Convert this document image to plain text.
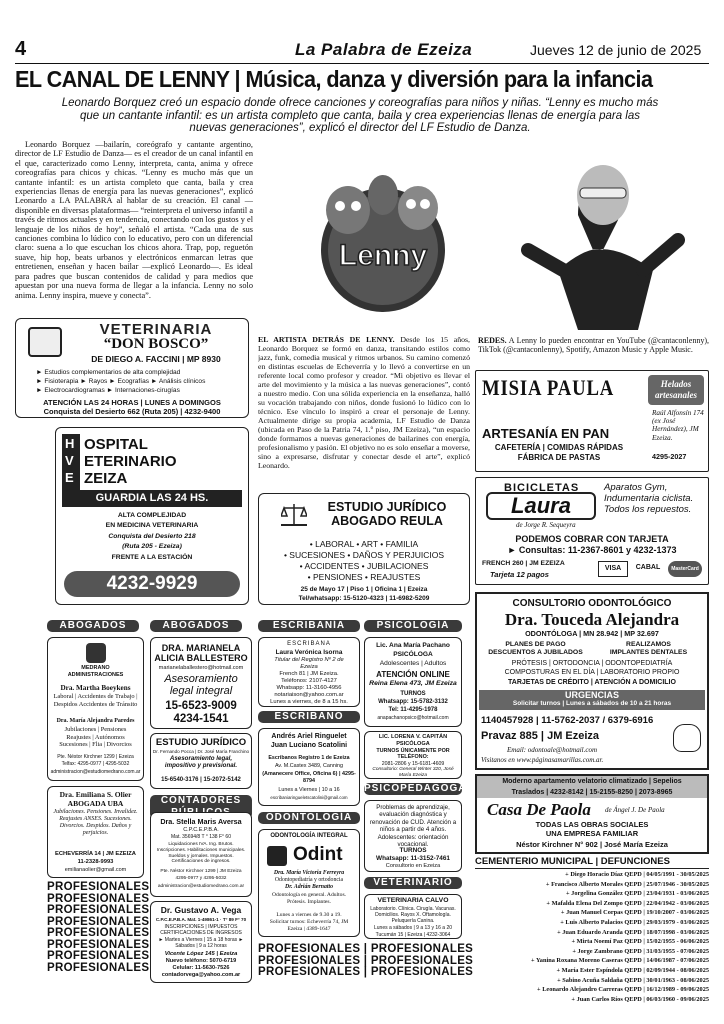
4	La Palabra de Ezeiza	Jueves 12 de junio de 2025
EL CANAL DE LENNY | Música, danza y diversión para la infancia
Leonardo Borquez creó un espacio donde ofrece canciones y coreografías para niños y niñas. “Lenny es mucho más que un cantante infantil: es un artista completo que canta, baila y crea experiencias llenas de energía para las nuevas generaciones”, explicó el director del LF Estudio de Danza.
Leonardo Borquez —bailarín, coreógrafo y cantante argentino, director de LF Estudio de Danza— es el creador de un canal infantil en el que, caracterizado como Lenny, interpreta, canta, anima y ofrece coreografías para chicos y chicas. “Lenny es mucho más que un cantante infantil: es un artista completo que canta, baila y crea experiencias llenas de energía para las nuevas generaciones”, explicó Leonardo a LA PALABRA al hablar de su creación. El canal —disponible en diversas plataformas— “reinterpreta el universo infantil a través de ritmos actuales y en tendencia, conectando con los gustos y el lenguaje de los niños de hoy”, señaló el artista. “Cada una de sus canciones combina lo lúdico con lo educativo, pero con un diferencial claro: suena a lo que escuchan los chicos ahora. Trap, pop, reguetón suave, hip hop, beats urbanos y electrónicos enmarcan letras que entretienen, enseñan y hacen bailar —explicó Leonardo—. Es ideal para padres que buscan contenidos de calidad y para medios que apuestan por una nueva forma de llegar a la infancia. Lenny no solo anima. Lenny inspira, mueve y conecta”.
Lenny
EL ARTISTA DETRÁS DE LENNY. Desde los 15 años, Leonardo Borquez se formó en danza, transitando estilos como jazz, funk, comedia musical y ritmos urbanos. Su camino comenzó en distintas escuelas de Echeverría y lo llevó a convertirse en un referente local como profesor y creador. “Mi objetivo es llevar el arte del movimiento y la música a las nuevas generaciones”, contó a nuestro medio. Con una sólida experiencia en la enseñanza, halló su vocación trabajando con niños, donde fusionó lo lúdico con lo técnico. Ese vínculo lo inspiró a crear el personaje de Lenny. Actualmente dirige su propia academia, LF Estudio de Danza (ubicada en Paso de la Patria 74, 1.º piso, JM Ezeiza), “un espacio donde formamos a nuevas generaciones de bailarines con energía, profesionalismo y pasión. El objetivo no es solo enseñar a moverse, sino a expresarse, disfrutar y conectar desde el arte”, explicó Leonardo.
REDES. A Lenny lo pueden encontrar en YouTube (@cantaconlenny), TikTok (@cantaconlenny), Spotify, Amazon Music y Apple Music.
VETERINARIA
“DON BOSCO”
DE DIEGO A. FACCINI | MP 8930
► Estudios complementarios de alta complejidad
► Fisioterapia ► Rayos ► Ecografías ► Análisis clínicos
► Electrocardiogramas ► Internaciones-cirugías
ATENCIÓN LAS 24 HORAS | LUNES A DOMINGOS
Conquista del Desierto 662 (Ruta 205) | 4232-9400
H
V
E
OSPITAL
ETERINARIO
ZEIZA
GUARDIA LAS 24 HS.
ALTA COMPLEJIDAD
EN MEDICINA VETERINARIA
Conquista del Desierto 218
(Ruta 205 - Ezeiza)
FRENTE A LA ESTACIÓN
4232-9929
ESTUDIO JURÍDICO
ABOGADO REULA
• LABORAL • ART • FAMILIA
• SUCESIONES • DAÑOS Y PERJUICIOS
• ACCIDENTES • JUBILACIONES
• PENSIONES • REAJUSTES
25 de Mayo 17 | Piso 1 | Oficina 1 | Ezeiza
Tel/whatsapp: 15-5120-4323 | 11-6982-5209
MISIA PAULA
ARTESANÍA EN PAN
CAFETERÍA | COMIDAS RÁPIDAS
FÁBRICA DE PASTAS
Helados
artesanales
Raúl Alfonsín 174 (ex José Hernández), JM Ezeiza.
4295-2027
BICICLETAS
Laura
de Jorge R. Sequeyra
Aparatos Gym, Indumentaria ciclista. Todos los repuestos.
PODEMOS COBRAR CON TARJETA
► Consultas: 11-2367-8601 y 4232-1373
FRENCH 260 | JM EZEIZA
Tarjeta 12 pagos
VISA	CABAL	MasterCard
CONSULTORIO ODONTOLÓGICO
Dra. Touceda Alejandra
ODONTÓLOGA | MN 28.942 | MP 32.697
PLANES DE PAGO
DESCUENTOS A JUBILADOS
REALIZAMOS
IMPLANTES DENTALES
PRÓTESIS | ORTODONCIA | ODONTOPEDIATRÍA
COMPOSTURAS EN EL DÍA | LABORATORIO PROPIO
TARJETAS DE CRÉDITO | ATENCIÓN A DOMICILIO
URGENCIAS
Solicitar turnos | Lunes a sábados de 10 a 21 horas
1140457928 | 11-5762-2037 / 6379-6916
Pravaz 885 | JM Ezeiza
Email: odontoale@hotmail.com
Visitanos en www.páginasamarillas.com.ar.
Moderno apartamento velatorio climatizado | Sepelios
Traslados | 4232-8142 | 15-2155-8250 | 2073-8965
Casa De Paola de Ángel J. De Paola
TODAS LAS OBRAS SOCIALES
UNA EMPRESA FAMILIAR
Néstor Kirchner N° 902 | José María Ezeiza
CEMENTERIO MUNICIPAL | DEFUNCIONES
+ Diego Horacio Díaz QEPD | 04/05/1991 - 30/05/2025
+ Francisco Alberto Morales QEPD | 25/07/1946 - 30/05/2025
+ Jorgelina González QEPD | 23/04/1931 - 03/06/2025
+ Mafalda Elena Del Zompo QEPD | 22/04/1942 - 03/06/2025
+ Juan Manuel Corpas QEPD | 19/10/2007 - 03/06/2025
+ Luis Alberto Palacios QEPD | 29/03/1979 - 03/06/2025
+ Juan Eduardo Aranda QEPD | 18/07/1998 - 03/06/2025
+ Mirta Noemí Paz QEPD | 15/02/1955 - 06/06/2025
+ Jorge Zambrano QEPD | 31/03/1955 - 07/06/2025
+ Yanina Roxana Moreno Caseras QEPD | 14/06/1987 - 07/06/2025
+ María Ester Espíndola QEPD | 02/09/1944 - 08/06/2025
+ Sabino Acuña Saldaña QEPD | 30/01/1963 - 08/06/2025
+ Leonardo Alejandro Carreras QEPD | 16/12/1989 - 09/06/2025
+ Juan Carlos Ríos QEPD | 06/03/1960 - 09/06/2025
ABOGADOS	ABOGADOS	ESCRIBANÍA	PSICOLOGÍA
MEDRANO
ADMINISTRACIONES
Dra. Martha Boeykens
Laboral | Accidentes de Trabajo | Despidos Accidentes de Tránsito
Dra. María Alejandra Paredes
Jubilaciones | Pensiones Reajustes | Autónomos Sucesiones | Flia | Divorcios
Pte. Néstor Kirchner 1299 | Ezeiza
Telfax: 4295-0977 | 4295-5032
administracion@estudiomedrano.com.ar
Dra. Emiliana S. Olier
ABOGADA UBA
Jubilaciones. Pensiones. Invalidez. Reajustes ANSES. Sucesiones. Divorcios. Despidos. Daños y perjuicios.
ECHEVERRÍA 14 | JM EZEIZA
11-2328-9993
emilianaolier@gmail.com
PROFESIONALES
PROFESIONALES
PROFESIONALES
PROFESIONALES
PROFESIONALES
PROFESIONALES
PROFESIONALES
PROFESIONALES
DRA. MARIANELA
ALICIA BALLESTERO
marianelaballestero@hotmail.com
Asesoramiento
legal integral
15-6523-9009
4234-1541
ESTUDIO JURÍDICO
Dr. Fernando Pocca | Dr. José María Franchino
Asesoramiento legal, impositivo y previsional.
15-6540-3176 | 15-2072-5142
CONTADORES
Dra. Stella Maris Aversa
C.P.C.E.P.B.A.
Mat. 35694/8 T ° 138 F° 60
Liquidaciones IVA. Ing. Brutos. Inscripciones. Habilitaciones municipales. Sueldos y jornales. Impuestos. Certificaciones de ingresos.
Pte. Néstor Kirchner 1299 | JM Ezeiza
4295-0977 y 4295-5032
administracion@estudiomedrano.com.ar
Dr. Gustavo A. Vega
C.P.C.E.P.B.A. Mat. 1-49861-1 · T° 89 F° 70
INSCRIPCIONES | IMPUESTOS CERTIFICACIONES DE INGRESOS
► Martes a Viernes | 15 a 18 horas ► Sábados | 9 a 12 horas
Vicente López 145 | Ezeiza
Nuevo teléfono: 5070-6719
Celular: 11-5630-7526
contadorvega@yahoo.com.ar
ESCRIBANA
Laura Verónica Isorna
Titular del Registro Nº 2 de Ezeiza
French 81 | JM Ezeiza.
Teléfonos: 2107-4127
Whatsapp: 11-3160-4956
notariaison@yahoo.com.ar
Lunes a viernes, de 8 a 15 hs.
ESCRIBANO
Andrés Ariel Ringuelet
Juan Luciano Scatolini
Escribanos Registro 1 de Ezeiza
Av. M.Castex 3489, Canning
(Amanecere Office, Oficina 6) | 4295-8794
Lunes a Viernes | 10 a 16
escribaniaringueletscatolini@gmail.com
ODONTOLOGÍA
ODONTOLOGÍA INTEGRAL
Odint
Dra. María Victoria Ferreyra
Odontopediatría y ortodoncia
Dr. Adrián Bernatto
Odontología en general. Adultos. Prótesis. Implantes.
Lunes a viernes de 9.30 a 19.
Solicitar turnos: Echeverría 74, JM Ezeiza | 4389-1647
Lic. Ana María Pachano
PSICÓLOGA
Adolescentes | Adultos
ATENCIÓN ONLINE
Reina Elena 473, JM Ezeiza
TURNOS
Whatsapp: 15-5782-3132
Tel: 11-4295-1978
anapachanopsico@hotmail.com
LIC. LORENA V. CAPITÁN
PSICÓLOGA
TURNOS ÚNICAMENTE POR TELÉFONO:
2081-2806 y 15-6181-4609
Consultorio: General Winter 320, José María Ezeiza
PSICOPEDAGOGA
Problemas de aprendizaje, evaluación diagnóstica y renovación de CUD. Atención a niños a partir de 4 años. Adolescentes: orientación vocacional.
TURNOS
Whatsapp: 11-3152-7461
Consultorio en Ezeiza
VETERINARIO
VETERINARIA CALVO
Laboratorio. Clínica. Cirugía. Vacunas. Domicilios. Rayos X. Oftamología. Peluquería Canina.
Lunes a sábados | 9 a 13 y 16 a 20
Tucumán 15 | Ezeiza | 4232-3064
PROFESIONALES | PROFESIONALES
PROFESIONALES | PROFESIONALES
PROFESIONALES | PROFESIONALES
